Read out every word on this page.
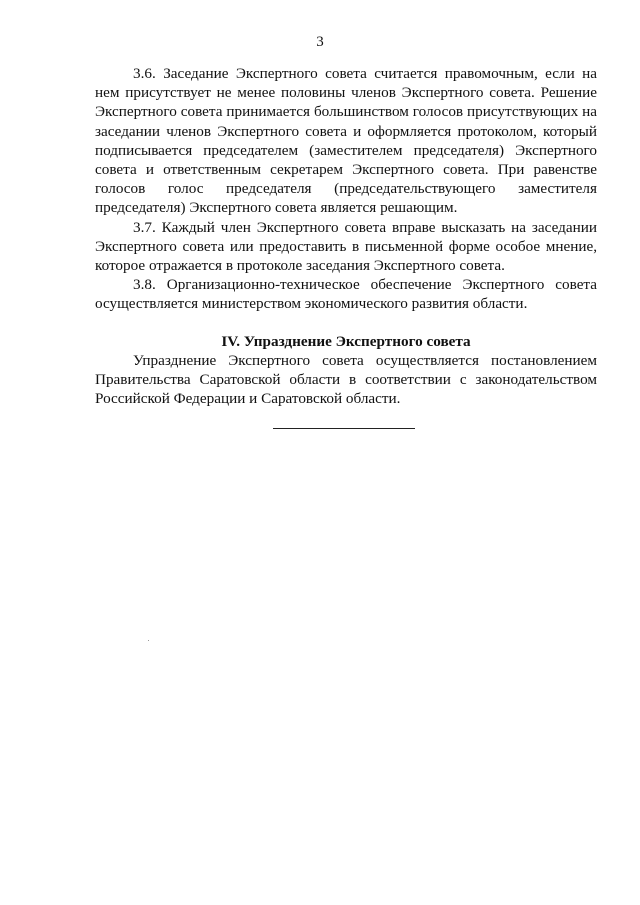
3

3.6. Заседание Экспертного совета считается правомочным, если на нем присутствует не менее половины членов Экспертного совета. Решение Экспертного совета принимается большинством голосов присутствующих на заседании членов Экспертного совета и оформляется протоколом, который подписывается председателем (заместителем председателя) Экспертного совета и ответственным секретарем Экспертного совета. При равенстве голосов голос председателя (председательствующего заместителя председателя) Экспертного совета является решающим.

3.7. Каждый член Экспертного совета вправе высказать на заседании Экспертного совета или предоставить в письменной форме особое мнение, которое отражается в протоколе заседания Экспертного совета.

3.8. Организационно-техническое обеспечение Экспертного совета осуществляется министерством экономического развития области.

IV. Упразднение Экспертного совета

Упразднение Экспертного совета осуществляется постановлением Правительства Саратовской области в соответствии с законодательством Российской Федерации и Саратовской области.
